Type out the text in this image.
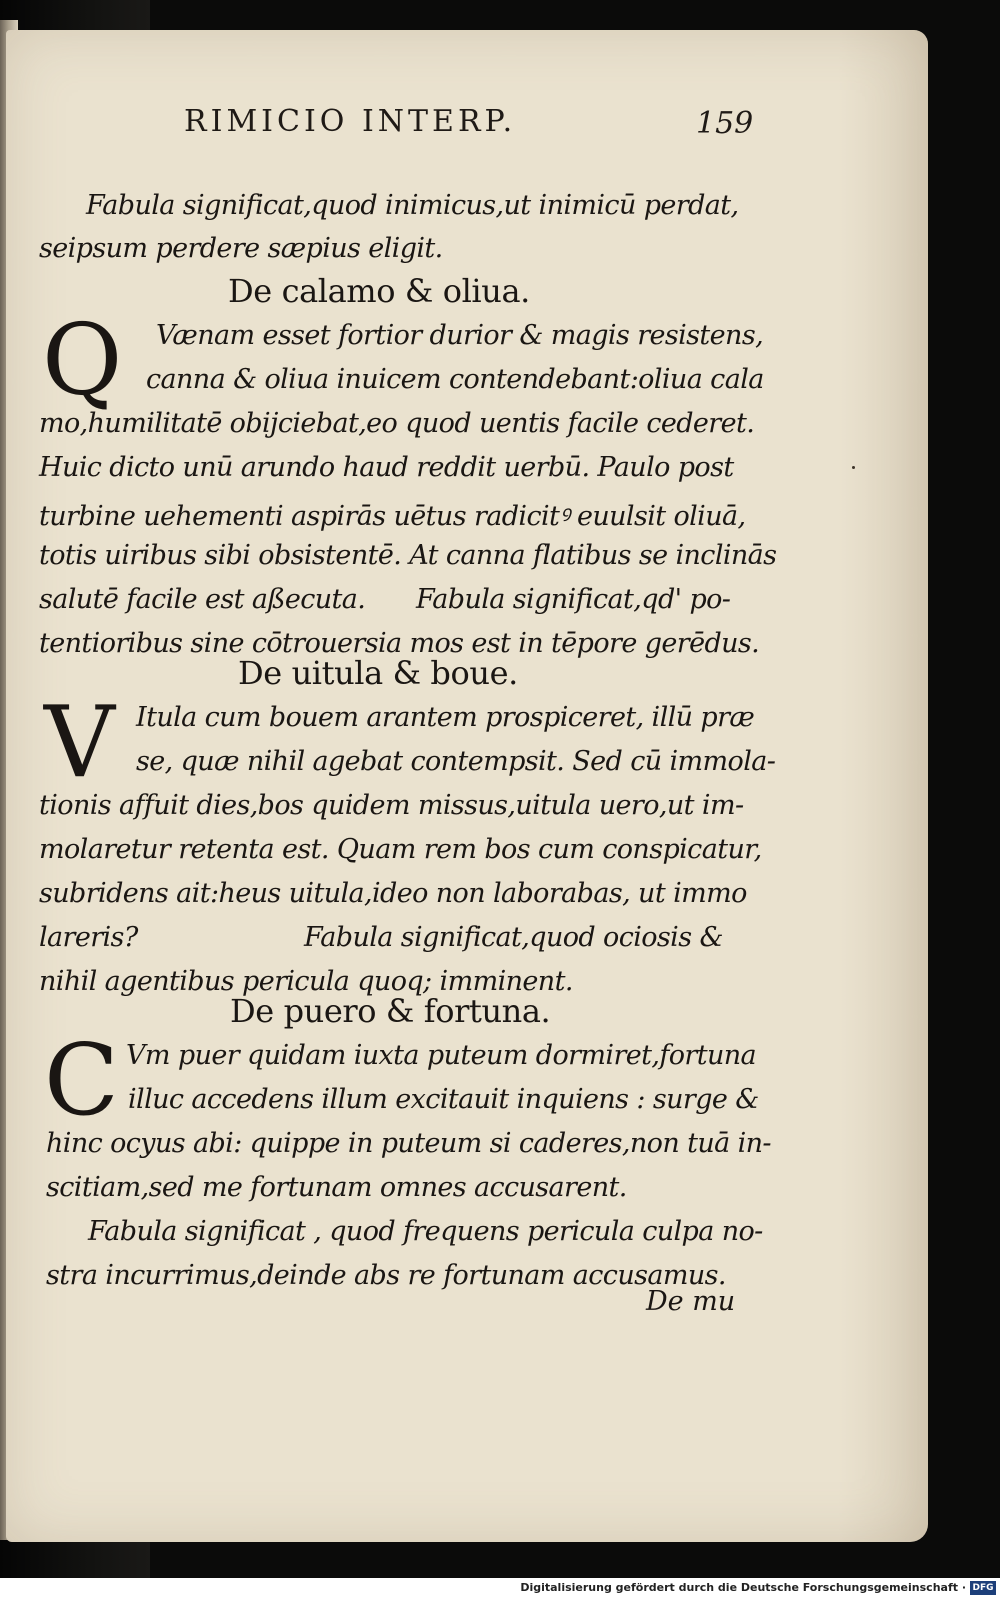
RIMICIO INTERP.	159
Fabula significat,quod inimicus,ut inimicū perdat,
seipsum perdere sæpius eligit.
De calamo & oliua.
Q Vænam esset fortior durior & magis resistens,
canna & oliua inuicem contendebant:oliua cala
mo,humilitatē obijciebat,eo quod uentis facile cederet.
Huic dicto unū arundo haud reddit uerbū. Paulo post
turbine uehementi aspirās uētus radicitꝰ euulsit oliuā,
totis uiribus sibi obsistentē. At canna flatibus se inclinās
salutē facile est aßecuta. Fabula significat,qd' po-
tentioribus sine cōtrouersia mos est in tēpore gerēdus.
De uitula & boue.
V Itula cum bouem arantem prospiceret, illū præ
se, quæ nihil agebat contempsit. Sed cū immola-
tionis affuit dies,bos quidem missus,uitula uero,ut im-
molaretur retenta est. Quam rem bos cum conspicatur,
subridens ait:heus uitula,ideo non laborabas, ut immo
lareris?	Fabula significat,quod ociosis &
nihil agentibus pericula quoq; imminent.
De puero & fortuna.
C Vm puer quidam iuxta puteum dormiret,fortuna
illuc accedens illum excitauit inquiens : surge &
hinc ocyus abi: quippe in puteum si caderes,non tuā in-
scitiam,sed me fortunam omnes accusarent.
Fabula significat , quod frequens pericula culpa no-
stra incurrimus,deinde abs re fortunam accusamus.
De mu
Digitalisierung gefördert durch die Deutsche Forschungsgemeinschaft · DFG
